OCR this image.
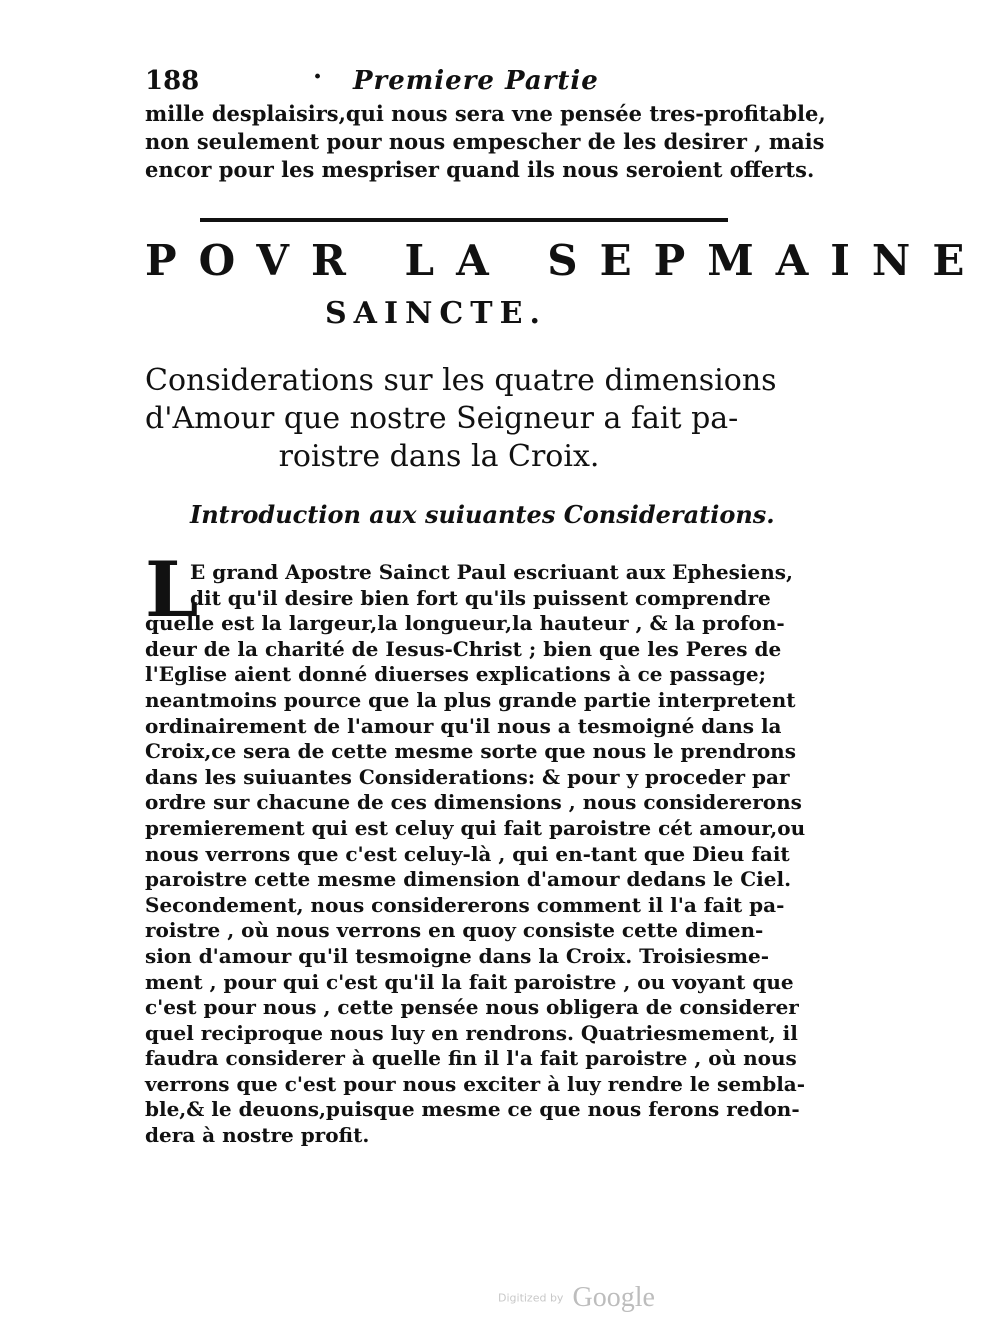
188	· Premiere Partie
mille desplaisirs,qui nous sera vne pensée tres-profitable,
non seulement pour nous empescher de les desirer , mais
encor pour les mespriser quand ils nous seroient offerts.
POVR LA SEPMAINE
SAINCTE.
Considerations sur les quatre dimensions
d'Amour que nostre Seigneur a fait pa-
roistre dans la Croix.
Introduction aux suiuantes Considerations.
L
E grand Apostre Sainct Paul escriuant aux Ephesiens,
dit qu'il desire bien fort qu'ils puissent comprendre
quelle est la largeur,la longueur,la hauteur , & la profon-
deur de la charité de Iesus-Christ ; bien que les Peres de
l'Eglise aient donné diuerses explications à ce passage;
neantmoins pource que la plus grande partie interpretent
ordinairement de l'amour qu'il nous a tesmoigné dans la
Croix,ce sera de cette mesme sorte que nous le prendrons
dans les suiuantes Considerations: & pour y proceder par
ordre sur chacune de ces dimensions , nous considererons
premierement qui est celuy qui fait paroistre cét amour,ou
nous verrons que c'est celuy-là , qui en-tant que Dieu fait
paroistre cette mesme dimension d'amour dedans le Ciel.
Secondement, nous considererons comment il l'a fait pa-
roistre , où nous verrons en quoy consiste cette dimen-
sion d'amour qu'il tesmoigne dans la Croix. Troisiesme-
ment , pour qui c'est qu'il la fait paroistre , ou voyant que
c'est pour nous , cette pensée nous obligera de considerer
quel reciproque nous luy en rendrons. Quatriesmement, il
faudra considerer à quelle fin il l'a fait paroistre , où nous
verrons que c'est pour nous exciter à luy rendre le sembla-
ble,& le deuons,puisque mesme ce que nous ferons redon-
dera à nostre profit.
Digitized by Google
